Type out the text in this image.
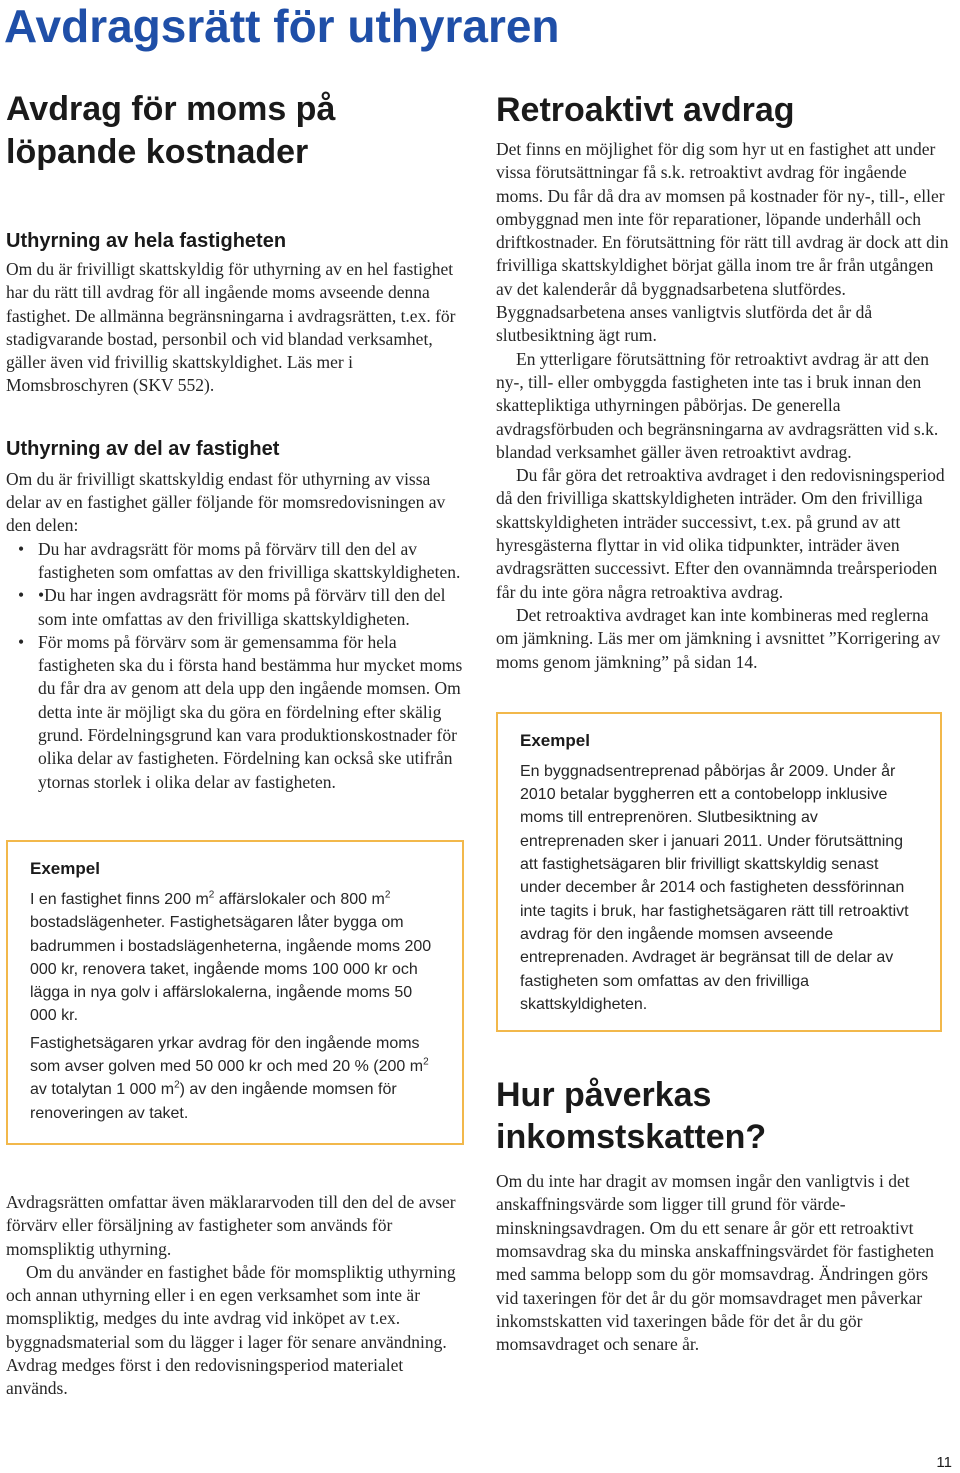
Avdragsrätt för uthyraren
Avdrag för moms på löpande kostnader
Uthyrning av hela fastigheten

Om du är frivilligt skattskyldig för uthyrning av en hel fastighet har du rätt till avdrag för all ingående moms avseende denna fastighet. De allmänna begränsningarna i avdragsrätten, t.ex. för stadigvarande bostad, personbil och vid blandad verksamhet, gäller även vid frivillig skattskyldighet. Läs mer i Momsbroschyren (SKV 552).

Uthyrning av del av fastighet

Om du är frivilligt skattskyldig endast för uthyrning av vissa delar av en fastighet gäller följande för momsredovisningen av den delen:

• Du har avdragsrätt för moms på förvärv till den del av fastigheten som omfattas av den frivilliga skattskyldigheten.
• •Du har ingen avdragsrätt för moms på förvärv till den del som inte omfattas av den frivilliga skattskyldigheten.
• För moms på förvärv som är gemensamma för hela fastigheten ska du i första hand bestämma hur mycket moms du får dra av genom att dela upp den ingående momsen. Om detta inte är möjligt ska du göra en fördelning efter skälig grund. Fördelningsgrund kan vara produktionskostnader för olika delar av fastigheten. Fördelning kan också ske utifrån ytornas storlek i olika delar av fastigheten.
Exempel
I en fastighet finns 200 $m^2$ affärslokaler och 800 $m^2$ bostadslägenheter. Fastighetsägaren låter bygga om badrummen i bostadslägenheterna, ingående moms 200 000 kr, renovera taket, ingående moms 100 000 kr och lägga in nya golv i affärslokalerna, ingående moms 50 000 kr.
Fastighetsägaren yrkar avdrag för den ingående moms som avser golven med 50 000 kr och med 20 % (200 $m^2$ av totalytan 1 000 $m^2$) av den ingående momsen för renoveringen av taket.

Avdragsrätten omfattar även mäklararvoden till den del de avser förvärv eller försäljning av fastigheter som används för momspliktig uthyrning.

Om du använder en fastighet både för momspliktig uthyrning och annan uthyrning eller i en egen verksamhet som inte är momspliktig, medges du inte avdrag vid inköpet av t.ex. byggnadsmaterial som du lägger i lager för senare användning. Avdrag medges först i den redovisningsperiod materialet används.

Retroaktivt avdrag

Det finns en möjlighet för dig som hyr ut en fastighet att under vissa förutsättningar få s.k. retroaktivt avdrag för ingående moms. Du får då dra av momsen på kostnader för ny-, till-, eller ombyggnad men inte för reparationer, löpande underhåll och driftkostnader. En förutsättning för rätt till avdrag är dock att din frivilliga skattskyldighet börjat gälla inom tre år från utgången av det kalenderår då byggnadsarbetena slutfördes. Byggnadsarbetena anses vanligtvis slutförda det år då slutbesiktning ägt rum.

En ytterligare förutsättning för retroaktivt avdrag är att den ny-, till- eller ombyggda fastigheten inte tas i bruk innan den skattepliktiga uthyrningen påbörjas. De generella avdragsförbuden och begränsningarna av avdragsrätten vid s.k. blandad verksamhet gäller även retroaktivt avdrag.

Du får göra det retroaktiva avdraget i den redovisningsperiod då den frivilliga skattskyldigheten inträder. Om den frivilliga skattskyldigheten inträder successivt, t.ex. på grund av att hyresgästerna flyttar in vid olika tidpunkter, inträder även avdragsrätten successivt. Efter den ovannämnda treårsperioden får du inte göra några retroaktiva avdrag.

Det retroaktiva avdraget kan inte kombineras med reglerna om jämkning. Läs mer om jämkning i avsnittet ”Korrigering av moms genom jämkning” på sidan 14.

Exempel
En byggnadsentreprenad påbörjas år 2009. Under år 2010 betalar byggherren ett a contobelopp inklusive moms till entreprenören. Slutbesiktning av entreprenaden sker i januari 2011. Under förutsättning att fastighetsägaren blir frivilligt skattskyldig senast under december år 2014 och fastigheten dessförinnan inte tagits i bruk, har fastighetsägaren rätt till retroaktivt avdrag för den ingående momsen avseende entreprenaden. Avdraget är begränsat till de delar av fastigheten som omfattas av den frivilliga skattskyldigheten.
Hur påverkas inkomstskatten?

Om du inte har dragit av momsen ingår den vanligtvis i det anskaffningsvärde som ligger till grund för värdeminskningsavdragen. Om du ett senare år gör ett retroaktivt momsavdrag ska du minska anskaffningsvärdet för fastigheten med samma belopp som du gör momsavdrag. Ändringen görs vid taxeringen för det år du gör momsavdraget men påverkar inkomstskatten vid taxeringen både för det år du gör momsavdraget och senare år.

11
